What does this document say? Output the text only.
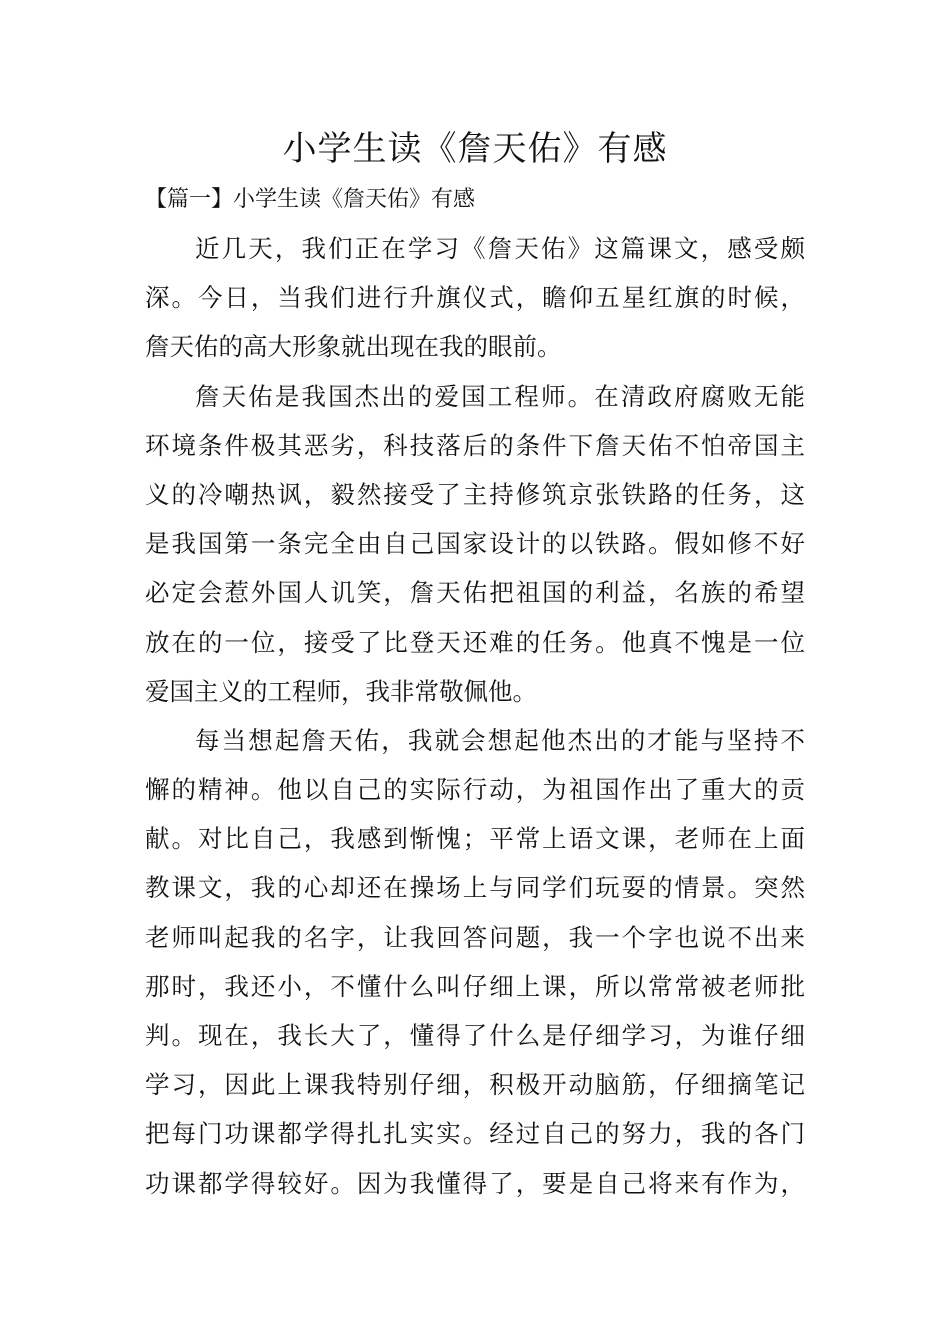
小学生读《詹天佑》有感
【篇一】小学生读《詹天佑》有感
近几天，我们正在学习《詹天佑》这篇课文，感受颇
深。今日，当我们进行升旗仪式，瞻仰五星红旗的时候，
詹天佑的高大形象就出现在我的眼前。
詹天佑是我国杰出的爱国工程师。在清政府腐败无能
环境条件极其恶劣，科技落后的条件下詹天佑不怕帝国主
义的冷嘲热讽，毅然接受了主持修筑京张铁路的任务，这
是我国第一条完全由自己国家设计的以铁路。假如修不好
必定会惹外国人讥笑，詹天佑把祖国的利益，名族的希望
放在的一位，接受了比登天还难的任务。他真不愧是一位
爱国主义的工程师，我非常敬佩他。
每当想起詹天佑，我就会想起他杰出的才能与坚持不
懈的精神。他以自己的实际行动，为祖国作出了重大的贡
献。对比自己，我感到惭愧；平常上语文课，老师在上面
教课文，我的心却还在操场上与同学们玩耍的情景。突然
老师叫起我的名字，让我回答问题，我一个字也说不出来
那时，我还小，不懂什么叫仔细上课，所以常常被老师批
判。现在，我长大了，懂得了什么是仔细学习，为谁仔细
学习，因此上课我特别仔细，积极开动脑筋，仔细摘笔记
把每门功课都学得扎扎实实。经过自己的努力，我的各门
功课都学得较好。因为我懂得了，要是自己将来有作为，
